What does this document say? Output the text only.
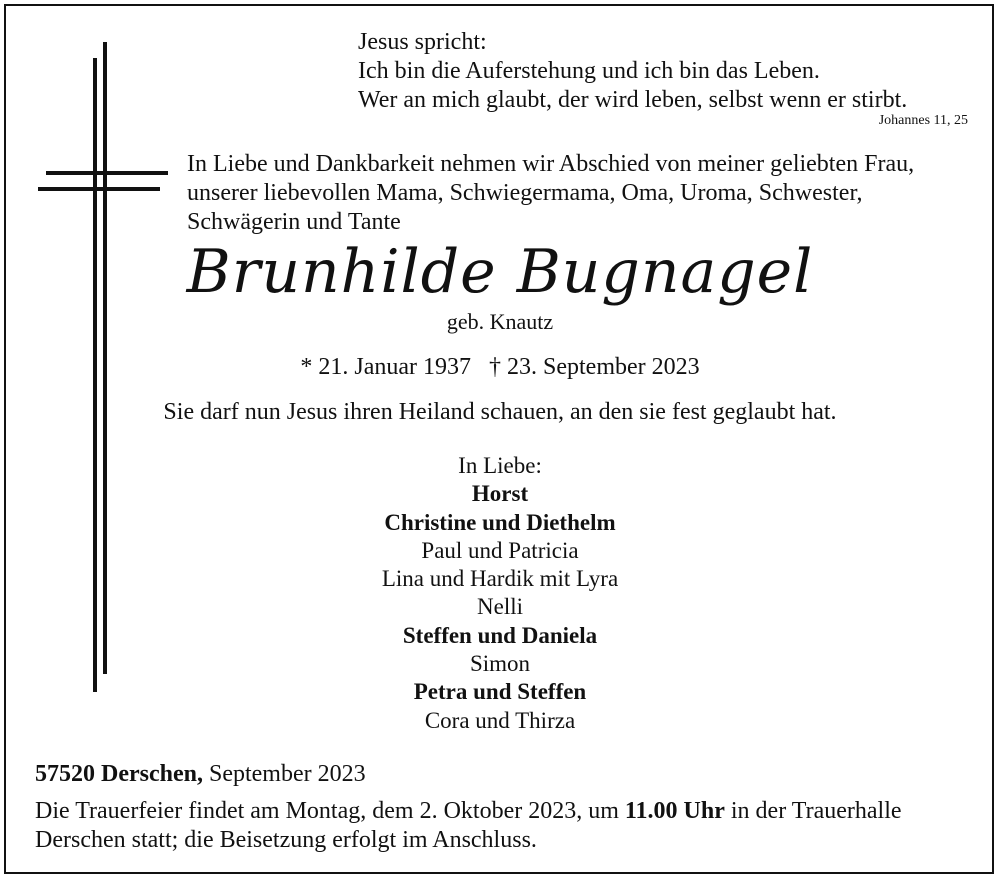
Jesus spricht:
Ich bin die Auferstehung und ich bin das Leben.
Wer an mich glaubt, der wird leben, selbst wenn er stirbt.
Johannes 11, 25
In Liebe und Dankbarkeit nehmen wir Abschied von meiner geliebten Frau,
unserer liebevollen Mama, Schwiegermama, Oma, Uroma, Schwester,
Schwägerin und Tante
Brunhilde Bugnagel
geb. Knautz
* 21. Januar 1937 † 23. September 2023
Sie darf nun Jesus ihren Heiland schauen, an den sie fest geglaubt hat.
In Liebe:
Horst
Christine und Diethelm
Paul und Patricia
Lina und Hardik mit Lyra
Nelli
Steffen und Daniela
Simon
Petra und Steffen
Cora und Thirza
57520 Derschen, September 2023
Die Trauerfeier findet am Montag, dem 2. Oktober 2023, um 11.00 Uhr in der Trauerhalle Derschen statt; die Beisetzung erfolgt im Anschluss.
